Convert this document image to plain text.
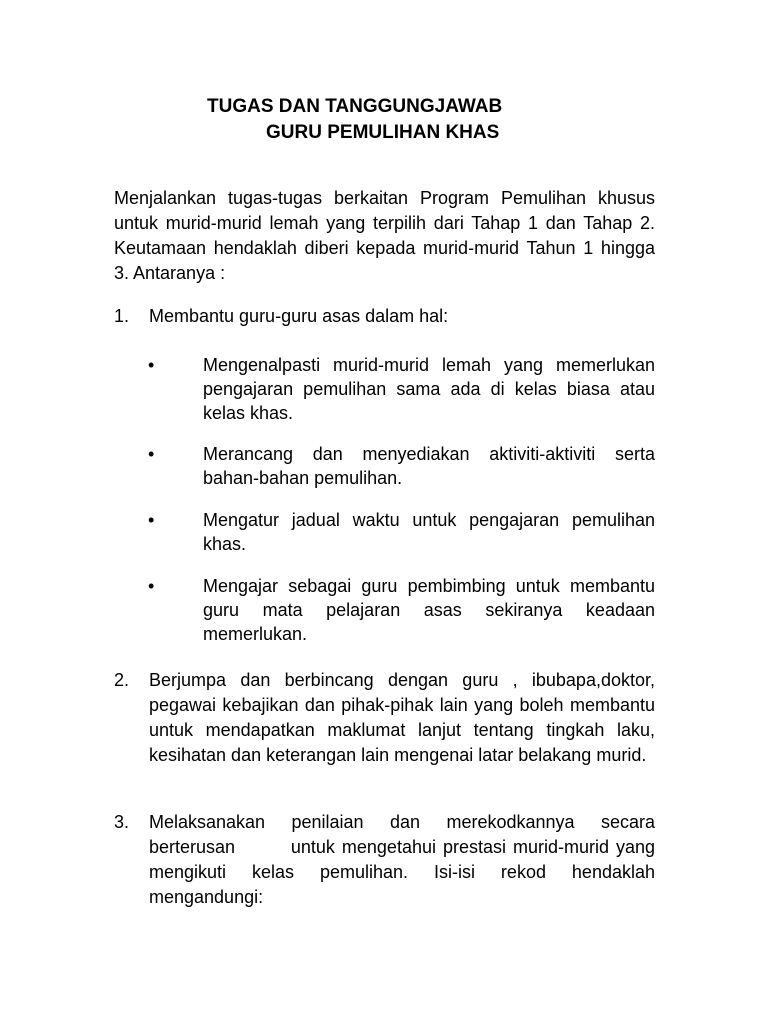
TUGAS DAN TANGGUNGJAWAB
GURU PEMULIHAN KHAS
Menjalankan tugas-tugas berkaitan Program Pemulihan khusus untuk murid-murid lemah yang terpilih dari Tahap 1 dan Tahap 2. Keutamaan hendaklah diberi kepada murid-murid Tahun 1 hingga 3. Antaranya :
1.	Membantu guru-guru asas dalam hal:
•	Mengenalpasti murid-murid lemah yang memerlukan pengajaran pemulihan sama ada di kelas biasa atau kelas khas.
•	Merancang dan menyediakan aktiviti-aktiviti serta bahan-bahan pemulihan.
•	Mengatur jadual waktu untuk pengajaran pemulihan khas.
•	Mengajar sebagai guru pembimbing untuk membantu guru mata pelajaran asas sekiranya keadaan memerlukan.
2.	Berjumpa dan berbincang dengan guru , ibubapa,doktor, pegawai kebajikan dan pihak-pihak lain yang boleh membantu untuk mendapatkan maklumat lanjut tentang tingkah laku, kesihatan dan keterangan lain mengenai latar belakang murid.
3.	Melaksanakan penilaian dan merekodkannya secara berterusan        untuk mengetahui prestasi murid-murid yang mengikuti kelas pemulihan. Isi-isi rekod hendaklah mengandungi:
